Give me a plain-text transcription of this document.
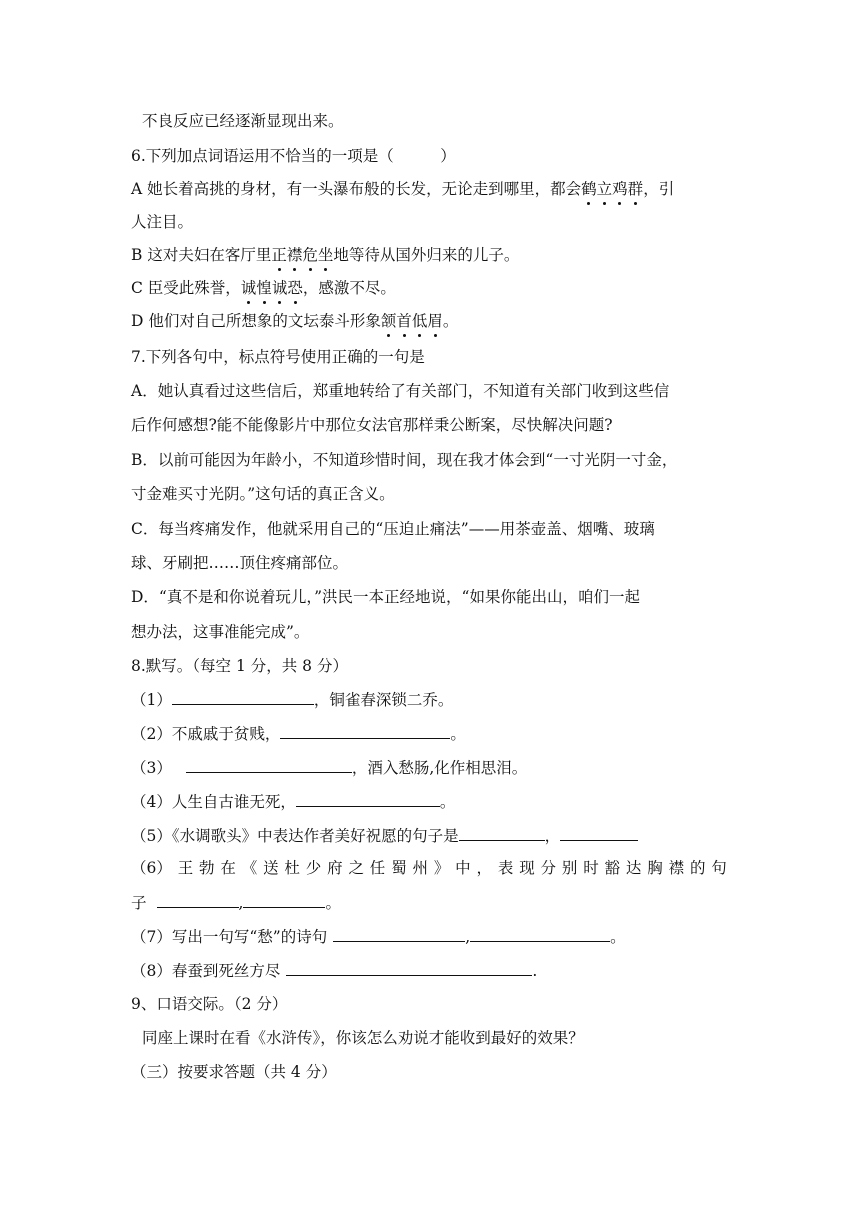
不良反应已经逐渐显现出来。
6.下列加点词语运用不恰当的一项是（　　　）
A 她长着高挑的身材，有一头瀑布般的长发，无论走到哪里，都会鹤立鸡群，引
人注目。
B 这对夫妇在客厅里正襟危坐地等待从国外归来的儿子。
C 臣受此殊誉，诚惶诚恐，感激不尽。
D 他们对自己所想象的文坛泰斗形象颔首低眉。
7.下列各句中，标点符号使用正确的一句是
A．她认真看过这些信后，郑重地转给了有关部门，不知道有关部门收到这些信
后作何感想?能不能像影片中那位女法官那样秉公断案，尽快解决问题?
B．以前可能因为年龄小，不知道珍惜时间，现在我才体会到“一寸光阴一寸金，
寸金难买寸光阴。”这句话的真正含义。
C．每当疼痛发作，他就采用自己的“压迫止痛法”——用茶壶盖、烟嘴、玻璃
球、牙刷把……顶住疼痛部位。
D．“真不是和你说着玩儿，”洪民一本正经地说，“如果你能出山，咱们一起
想办法，这事准能完成”。
8.默写。（每空 1 分，共 8 分）
（1）	，铜雀春深锁二乔。
（2）不戚戚于贫贱，	。
（3）	，酒入愁肠,化作相思泪。
（4）人生自古谁无死，	。
（5）《水调歌头》中表达作者美好祝愿的句子是	，
（6） 王 勃 在 《 送 杜 少 府 之 任 蜀 州 》 中 ， 表 现 分 别 时 豁 达 胸 襟 的 句
子	,	。
（7）写出一句写“愁”的诗句	,	。
（8）春蚕到死丝方尽	.
9、口语交际。（2 分）
同座上课时在看《水浒传》，你该怎么劝说才能收到最好的效果？
（三）按要求答题（共 4 分）
